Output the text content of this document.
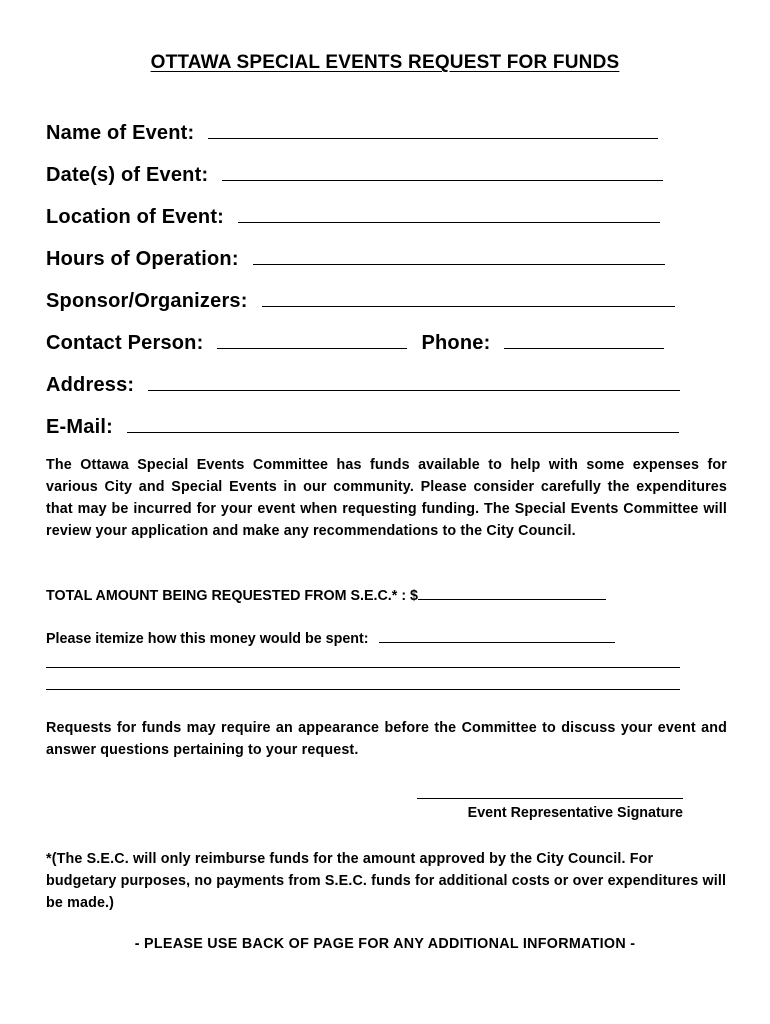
OTTAWA SPECIAL EVENTS REQUEST FOR FUNDS
Name of Event:
Date(s) of Event:
Location of Event:
Hours of Operation:
Sponsor/Organizers:
Contact Person:	Phone:
Address:
E-Mail:
The Ottawa Special Events Committee has funds available to help with some expenses for various City and Special Events in our community. Please consider carefully the expenditures that may be incurred for your event when requesting funding. The Special Events Committee will review your application and make any recommendations to the City Council.
TOTAL AMOUNT BEING REQUESTED FROM S.E.C.* : $
Please itemize how this money would be spent:
Requests for funds may require an appearance before the Committee to discuss your event and answer questions pertaining to your request.
Event Representative Signature
*(The S.E.C. will only reimburse funds for the amount approved by the City Council. For budgetary purposes, no payments from S.E.C. funds for additional costs or over expenditures will be made.)
- PLEASE USE BACK OF PAGE FOR ANY ADDITIONAL INFORMATION -
